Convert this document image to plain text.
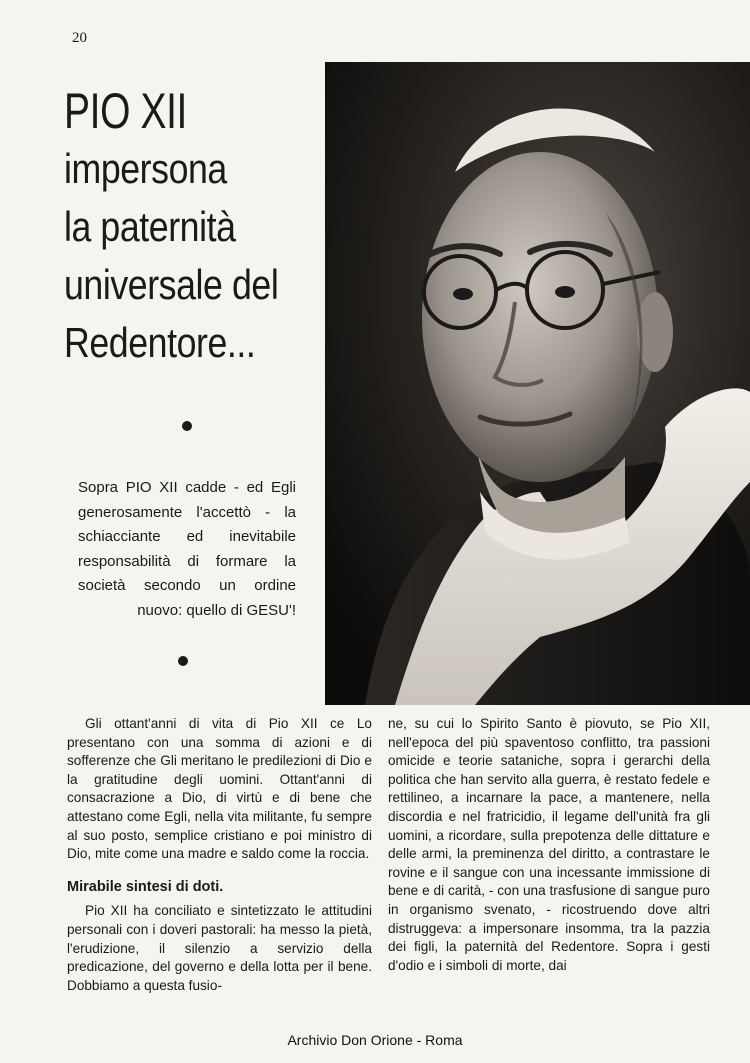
20
PIO XII
impersona
la paternità
universale del
Redentore...

Sopra PIO XII cadde - ed Egli generosamente l'accettò - la schiacciante ed inevitabile responsabilità di formare la società secondo un ordine nuovo: quello di GESU'!

Gli ottant'anni di vita di Pio XII ce Lo presentano con una somma di azioni e di sofferenze che Gli meritano le predilezioni di Dio e la gratitudine degli uomini. Ottant'anni di consacrazione a Dio, di virtù e di bene che attestano come Egli, nella vita militante, fu sempre al suo posto, semplice cristiano e poi ministro di Dio, mite come una madre e saldo come la roccia.

Mirabile sintesi di doti.

Pio XII ha conciliato e sintetizzato le attitudini personali con i doveri pastorali: ha messo la pietà, l'erudizione, il silenzio a servizio della predicazione, del governo e della lotta per il bene. Dobbiamo a questa fusio-

ne, su cui lo Spirito Santo è piovuto, se Pio XII, nell'epoca del più spaventoso conflitto, tra passioni omicide e teorie sataniche, sopra i gerarchi della politica che han servito alla guerra, è restato fedele e rettilineo, a incarnare la pace, a mantenere, nella discordia e nel fratricidio, il legame dell'unità fra gli uomini, a ricordare, sulla prepotenza delle dittature e delle armi, la preminenza del diritto, a contrastare le rovine e il sangue con una incessante immissione di bene e di carità, - con una trasfusione di sangue puro in organismo svenato, - ricostruendo dove altri distruggeva: a impersonare insomma, tra la pazzia dei figli, la paternità del Redentore. Sopra i gesti d'odio e i simboli di morte, dai

Archivio Don Orione - Roma
